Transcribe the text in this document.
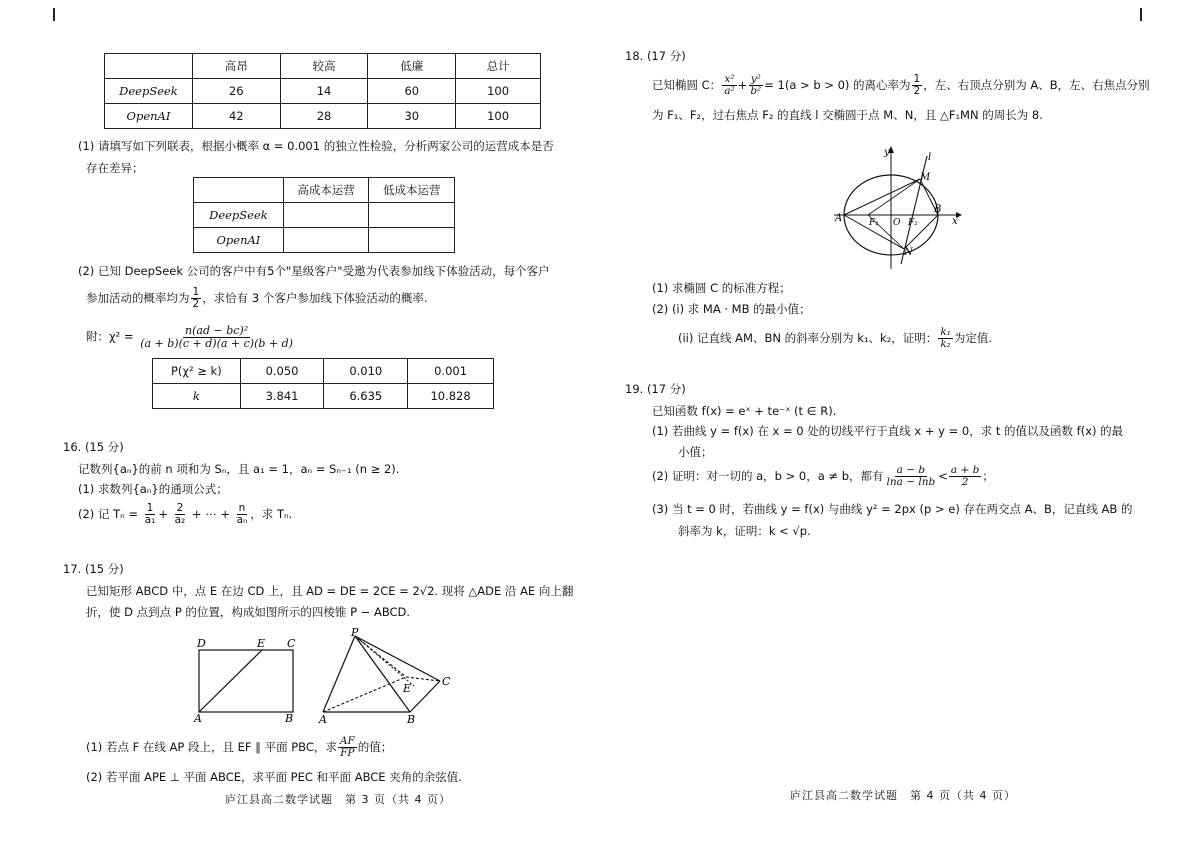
	高昂	较高	低廉	总计
DeepSeek	26	14	60	100
OpenAI	42	28	30	100
(1) 请填写如下列联表，根据小概率 α = 0.001 的独立性检验，分析两家公司的运营成本是否
存在差异；
	高成本运营	低成本运营
DeepSeek		
OpenAI		
(2) 已知 DeepSeek 公司的客户中有5个"星级客户"受邀为代表参加线下体验活动，每个客户
参加活动的概率均为 $\frac{1}{2}$ ，求恰有 3 个客户参加线下体验活动的概率.
附：$\chi^2 = \frac{\text{n(ad − bc)²}}{(a + b)(c + d)(a + c)(b + d)}$
P(χ² ≥ k)	0.050	0.010	0.001
k	3.841	6.635	10.828
16. (15 分)
记数列{aₙ}的前 n 项和为 Sₙ，且 a₁ = 1，aₙ = Sₙ₋₁ (n ≥ 2).
(1) 求数列{aₙ}的通项公式；
(2) 记 $T_n = \frac{1}{\text{a₁}} + \frac{2}{\text{a₂}}$ + ⋯ + $\frac{n}{\text{aₙ}}$ ，求 Tₙ.
17. (15 分)
已知矩形 ABCD 中，点 E 在边 CD 上，且 AD = DE = 2CE = 2√2. 现将 △ADE 沿 AE 向上翻
折，使 D 点到点 P 的位置，构成如图所示的四棱锥 P − ABCD.
D	E C
A	B
P
E
C
A	B
(1) 若点 F 在线 AP 段上，且 EF ∥ 平面 PBC，求 $\frac{AF}{FP}$ 的值；
(2) 若平面 APE ⊥ 平面 ABCE，求平面 PEC 和平面 ABCE 夹角的余弦值.
庐江县高二数学试题　第 3 页（共 4 页）
18. (17 分)
已知椭圆 C： $\frac{\text{x²}}{\text{a²}} + \frac{\text{y²}}{\text{b²}} = 1(a > b > 0)$ 的离心率为 $\frac{1}{2}$ ，左、右顶点分别为 A、B，左、右焦点分别
为 F₁、F₂，过右焦点 F₂ 的直线 l 交椭圆于点 M、N，且 △F₁MN 的周长为 8.
y	l
M
A	F₁ O F₂
B
x
N
(1) 求椭圆 C 的标准方程；
(2) (i) 求 MA · MB 的最小值；
(ii) 记直线 AM、BN 的斜率分别为 k₁、k₂，证明： $\frac{\text{k₁}}{\text{k₂}}$ 为定值.
19. (17 分)
已知函数 f(x) = eˣ + te⁻ˣ (t ∈ R).
(1) 若曲线 y = f(x) 在 x = 0 处的切线平行于直线 x + y = 0，求 t 的值以及函数 f(x) 的最
小值；
(2) 证明：对一切的 a，b > 0，a ≠ b，都有 $\frac{a - b}{\ln a - \ln b} < \frac{a + b}{2}$ ；
(3) 当 t = 0 时，若曲线 y = f(x) 与曲线 y² = 2px (p > e) 存在两交点 A、B，记直线 AB 的
斜率为 k，证明：k < √p.
庐江县高二数学试题　第 4 页（共 4 页）
